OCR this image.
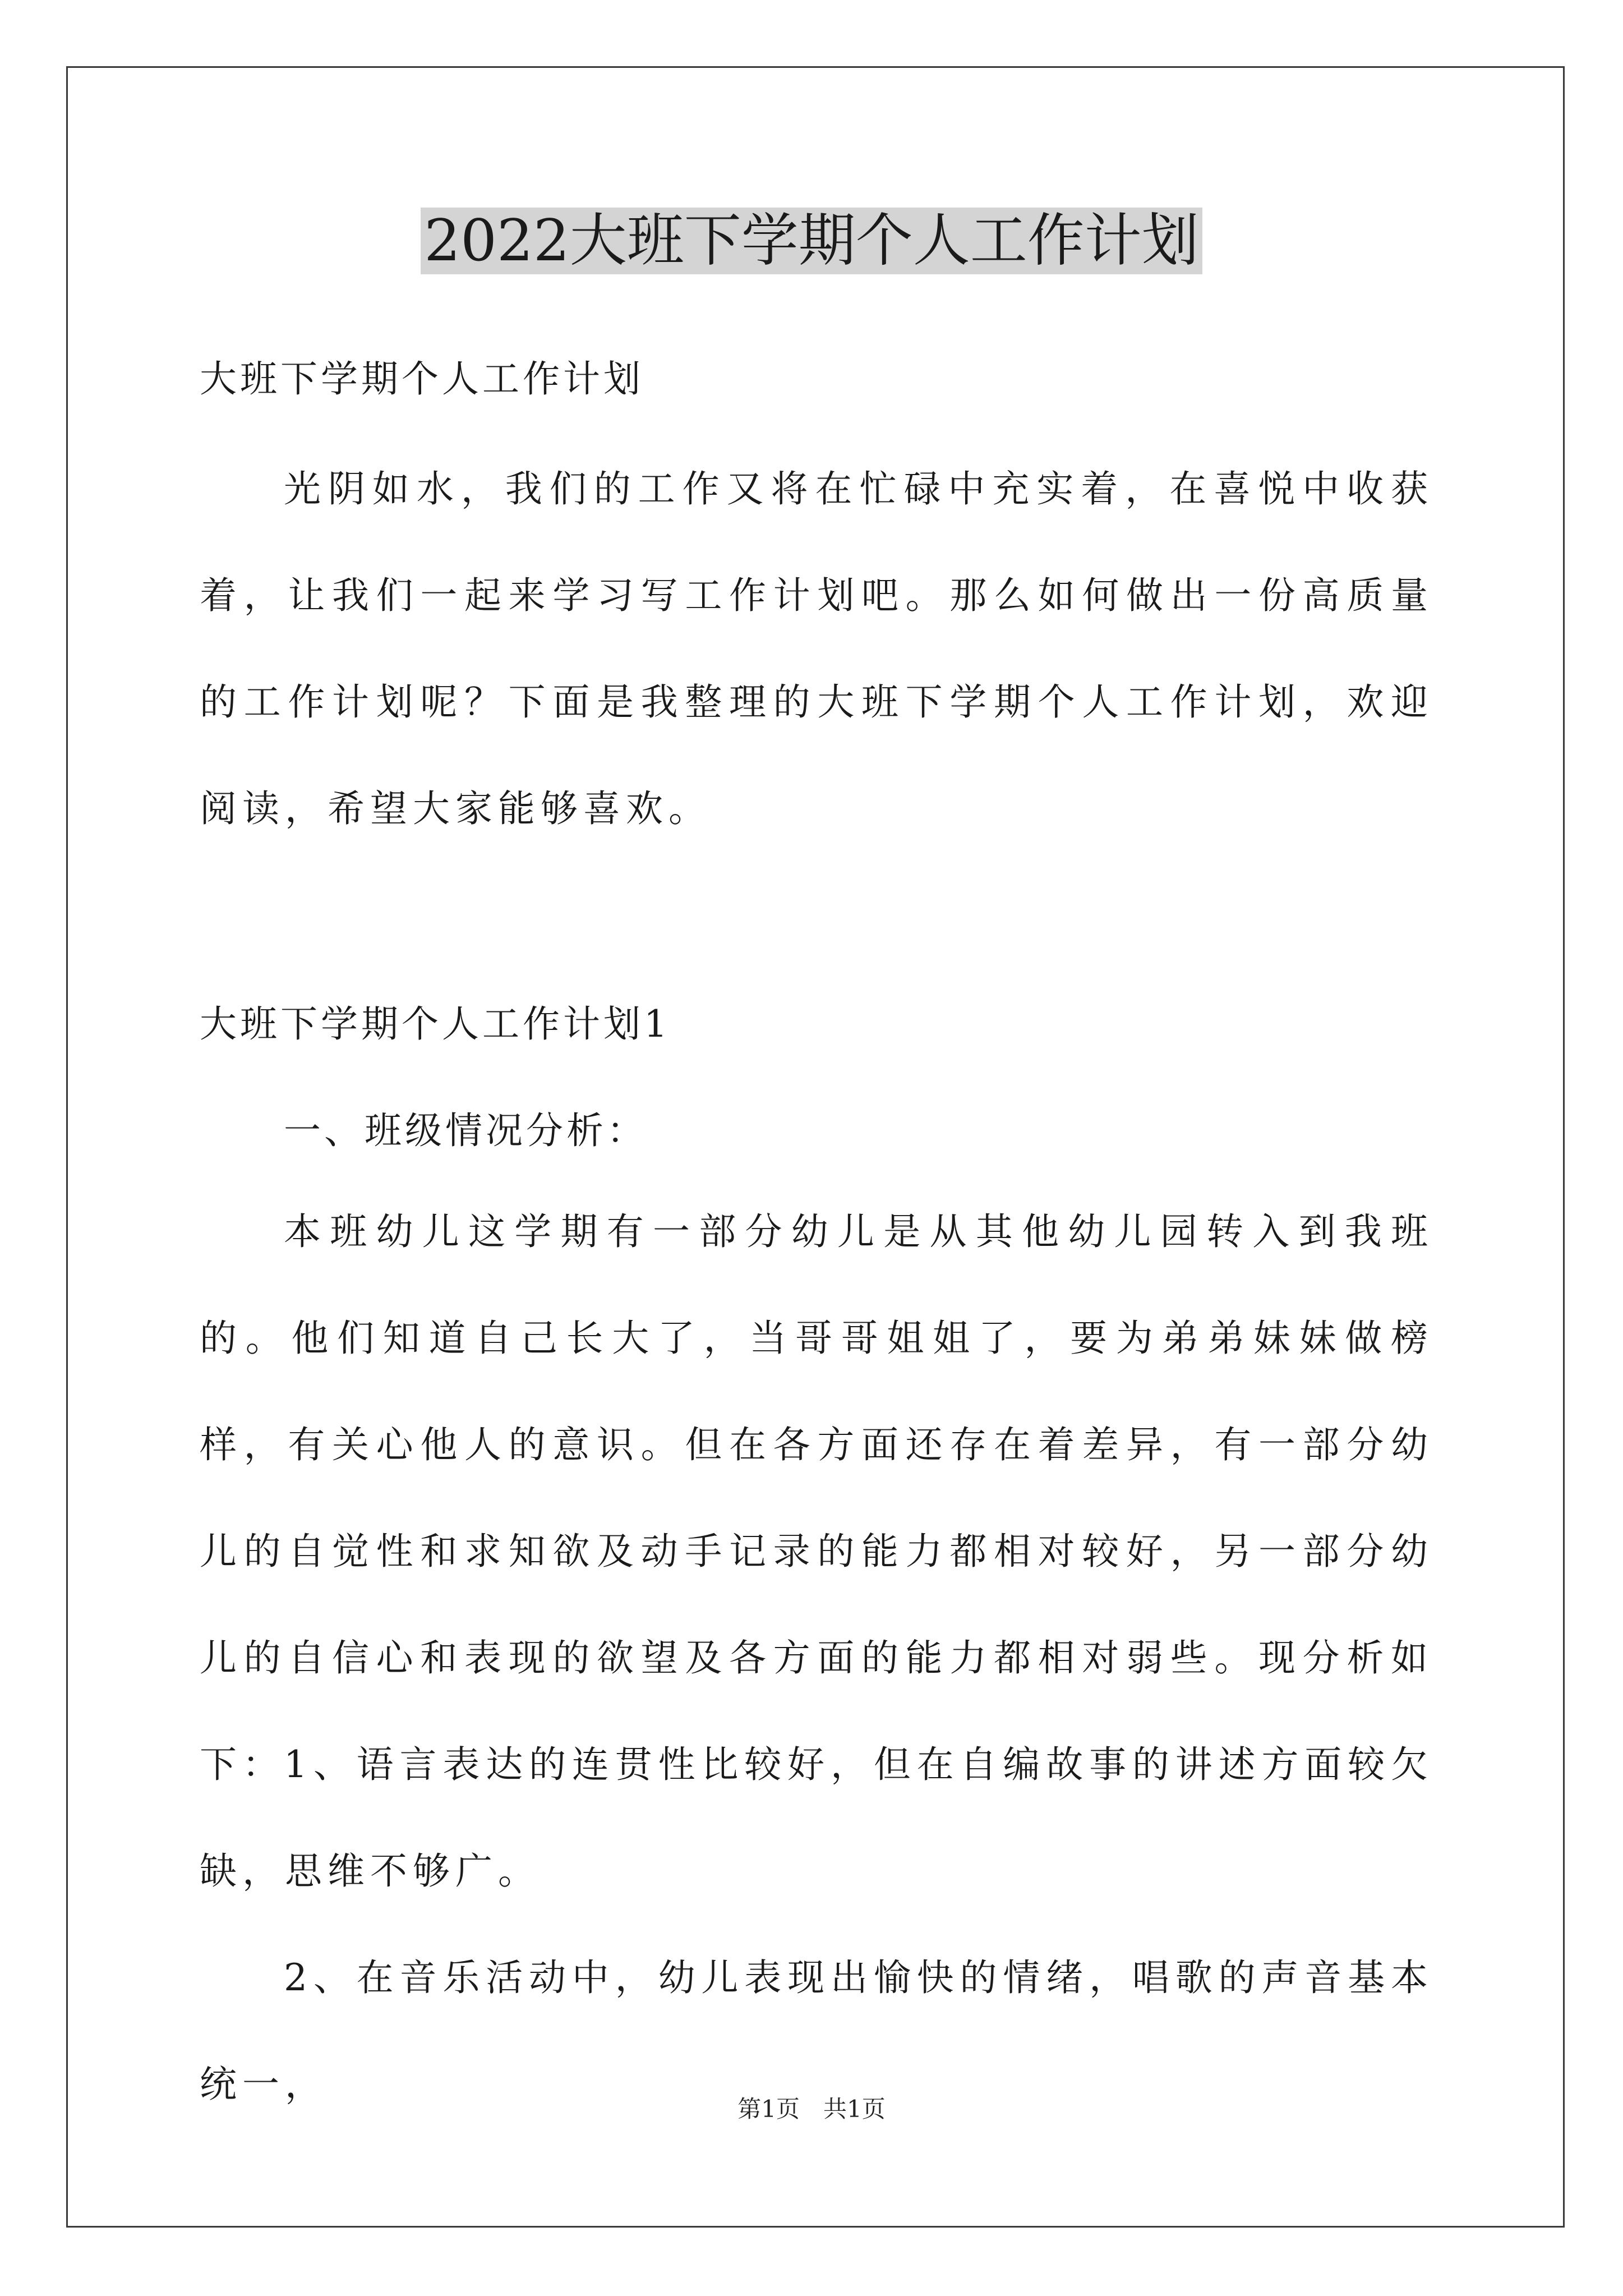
2022大班下学期个人工作计划
大班下学期个人工作计划
光阴如水，我们的工作又将在忙碌中充实着，在喜悦中收获着，让我们一起来学习写工作计划吧。那么如何做出一份高质量的工作计划呢？下面是我整理的大班下学期个人工作计划，欢迎阅读，希望大家能够喜欢。
大班下学期个人工作计划1
一、班级情况分析：
本班幼儿这学期有一部分幼儿是从其他幼儿园转入到我班的。他们知道自己长大了，当哥哥姐姐了，要为弟弟妹妹做榜样，有关心他人的意识。但在各方面还存在着差异，有一部分幼儿的自觉性和求知欲及动手记录的能力都相对较好，另一部分幼儿的自信心和表现的欲望及各方面的能力都相对弱些。现分析如下：
1、语言表达的连贯性比较好，但在自编故事的讲述方面较欠缺，思维不够广。
2、在音乐活动中，幼儿表现出愉快的情绪，唱歌的声音基本统一，
第1页　共1页
